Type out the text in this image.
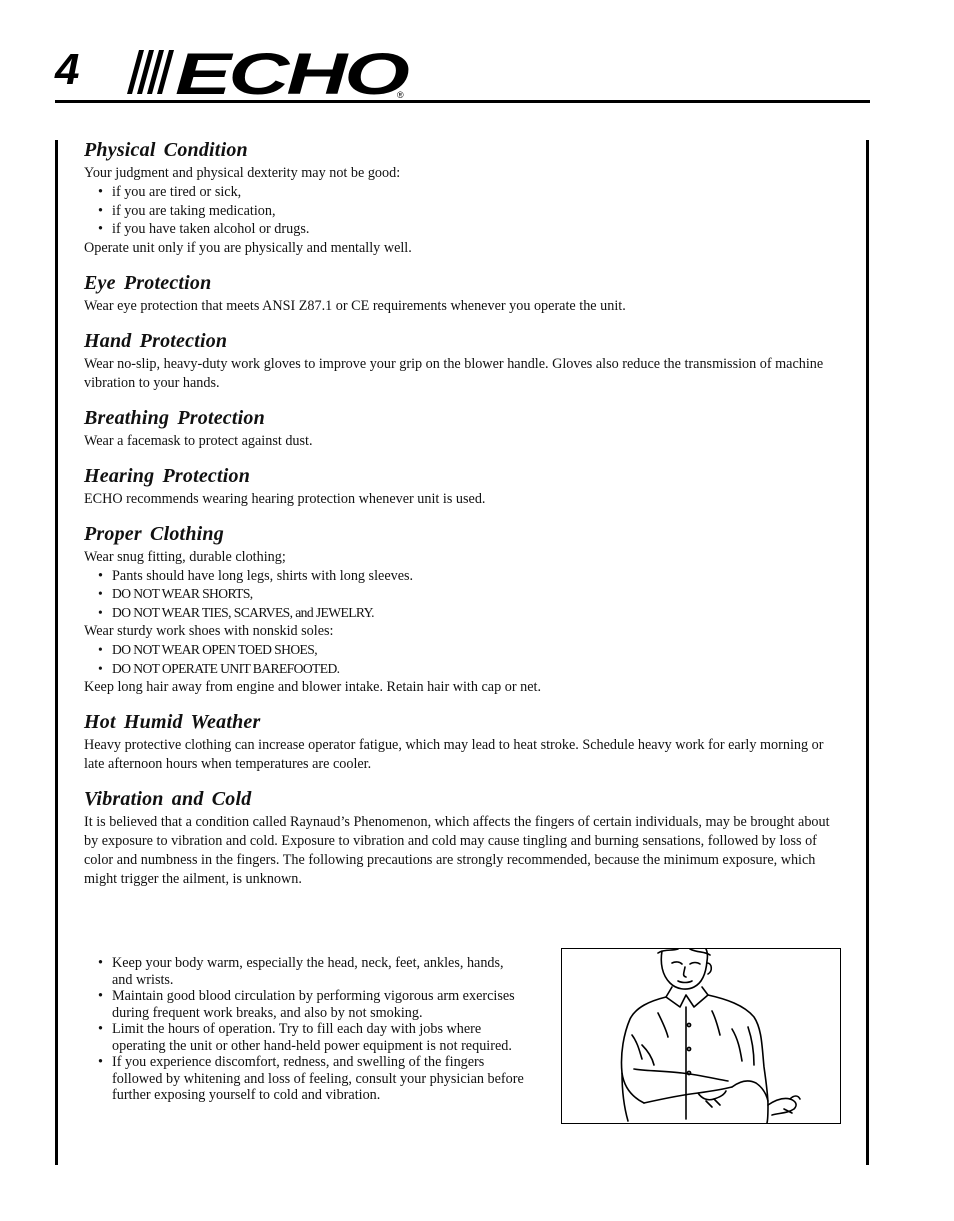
4 ECHO
®
Physical Condition

Your judgment and physical dexterity may not be good:

• if you are tired or sick,
• if you are taking medication,
• if you have taken alcohol or drugs.

Operate unit only if you are physically and mentally well.

Eye Protection

Wear eye protection that meets ANSI Z87.1 or CE requirements whenever you operate the unit.

Hand Protection

Wear no-slip, heavy-duty work gloves to improve your grip on the blower handle. Gloves also reduce the transmission of machine vibration to your hands.

Breathing Protection

Wear a facemask to protect against dust.

Hearing Protection

ECHO recommends wearing hearing protection whenever unit is used.

Proper Clothing

Wear snug fitting, durable clothing;

• Pants should have long legs, shirts with long sleeves.
• DO NOT WEAR SHORTS,
• DO NOT WEAR TIES, SCARVES, and JEWELRY.

Wear sturdy work shoes with nonskid soles:

• DO NOT WEAR OPEN TOED SHOES,
• DO NOT OPERATE UNIT BAREFOOTED.

Keep long hair away from engine and blower intake. Retain hair with cap or net.

Hot Humid Weather

Heavy protective clothing can increase operator fatigue, which may lead to heat stroke. Schedule heavy work for early morning or late afternoon hours when temperatures are cooler.

Vibration and Cold

It is believed that a condition called Raynaud’s Phenomenon, which affects the fingers of certain individuals, may be brought about by exposure to vibration and cold. Exposure to vibration and cold may cause tingling and burning sensations, followed by loss of color and numbness in the fingers. The following precautions are strongly recommended, because the minimum exposure, which might trigger the ailment, is unknown.

• Keep your body warm, especially the head, neck, feet, ankles, hands, and wrists.
• Maintain good blood circulation by performing vigorous arm exercises during frequent work breaks, and also by not smoking.
• Limit the hours of operation. Try to fill each day with jobs where operating the unit or other hand-held power equipment is not required.
• If you experience discomfort, redness, and swelling of the fingers followed by whitening and loss of feeling, consult your physician before further exposing yourself to cold and vibration.
